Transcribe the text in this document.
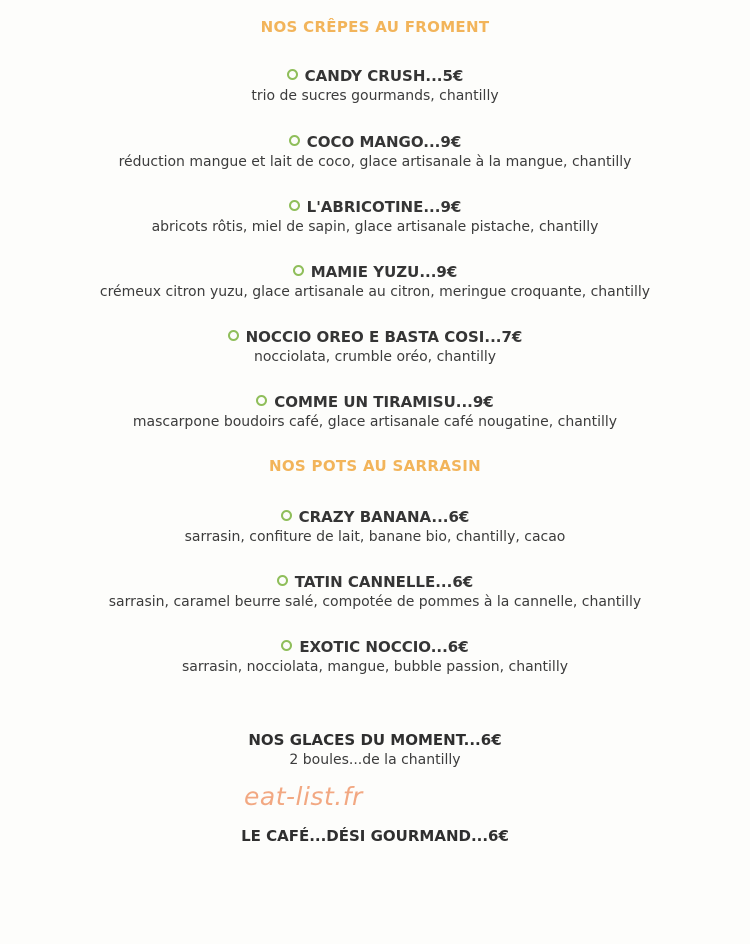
NOS CRÊPES AU FROMENT
CANDY CRUSH...5€
trio de sucres gourmands, chantilly
COCO MANGO...9€
réduction mangue et lait de coco, glace artisanale à la mangue, chantilly
L'ABRICOTINE...9€
abricots rôtis, miel de sapin, glace artisanale pistache, chantilly
MAMIE YUZU...9€
crémeux citron yuzu, glace artisanale au citron, meringue croquante, chantilly
NOCCIO OREO E BASTA COSI...7€
nocciolata, crumble oréo, chantilly
COMME UN TIRAMISU...9€
mascarpone boudoirs café, glace artisanale café nougatine, chantilly
NOS POTS AU SARRASIN
CRAZY BANANA...6€
sarrasin, confiture de lait, banane bio, chantilly, cacao
TATIN CANNELLE...6€
sarrasin, caramel beurre salé, compotée de pommes à la cannelle, chantilly
EXOTIC NOCCIO...6€
sarrasin, nocciolata, mangue, bubble passion, chantilly
NOS GLACES DU MOMENT...6€
2 boules...de la chantilly
eat-list.fr
LE CAFÉ...DÉSI GOURMAND...6€
